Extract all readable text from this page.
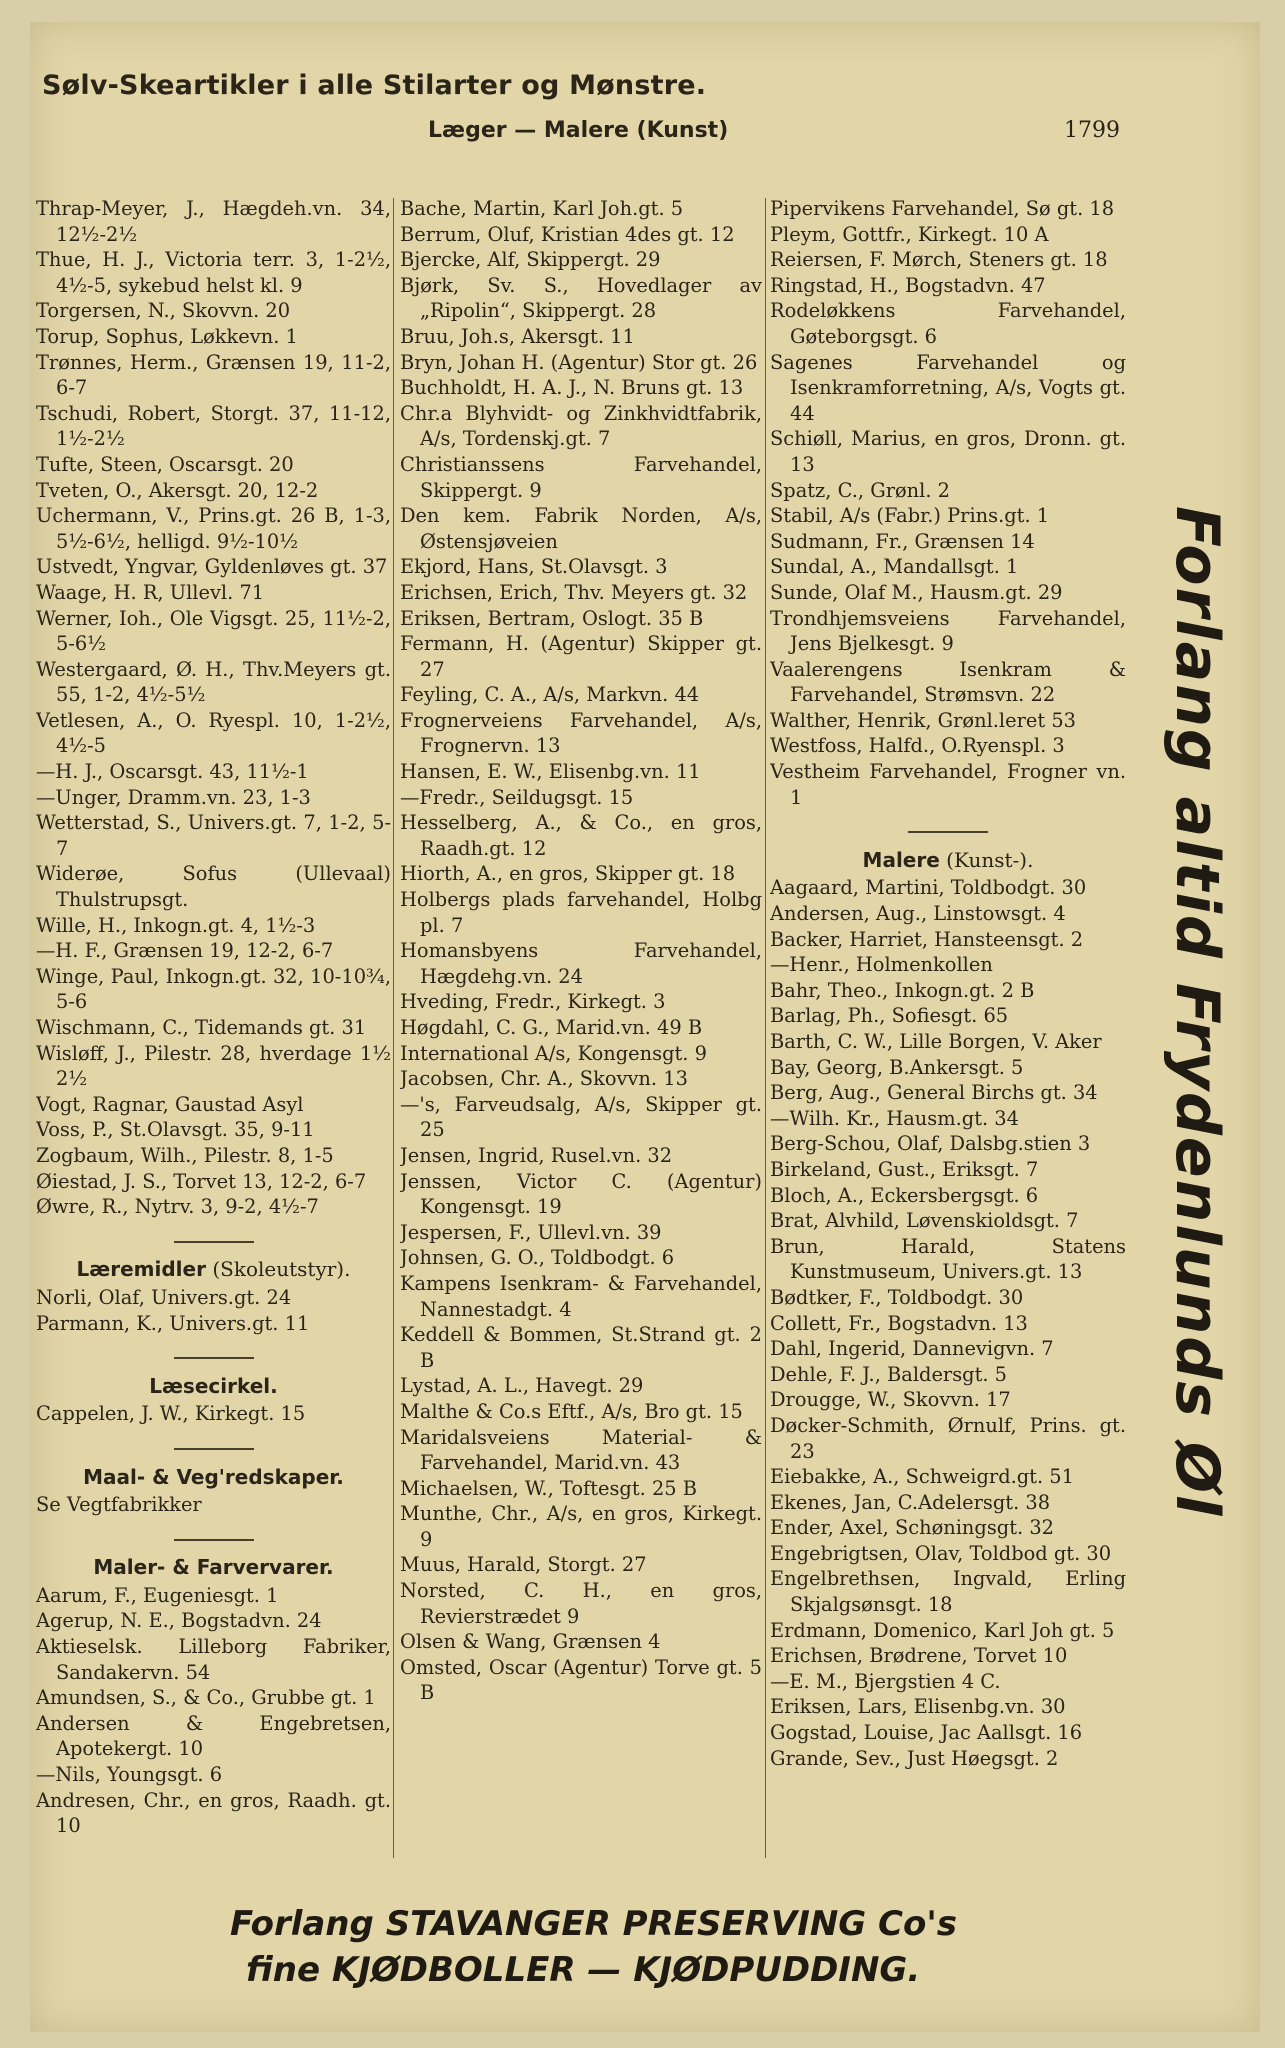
Sølv-Skeartikler i alle Stilarter og Mønstre.
Læger — Malere (Kunst)	1799

Thrap-Meyer, J., Hægdeh.vn. 34, 12½-2½

Thue, H. J., Victoria terr. 3, 1-2½, 4½-5, sykebud helst kl. 9

Torgersen, N., Skovvn. 20

Torup, Sophus, Løkkevn. 1

Trønnes, Herm., Grænsen 19, 11-2, 6-7

Tschudi, Robert, Storgt. 37, 11-12, 1½-2½

Tufte, Steen, Oscarsgt. 20

Tveten, O., Akersgt. 20, 12-2

Uchermann, V., Prins.gt. 26 B, 1-3, 5½-6½, helligd. 9½-10½

Ustvedt, Yngvar, Gyldenløves gt. 37

Waage, H. R, Ullevl. 71

Werner, Ioh., Ole Vigsgt. 25, 11½-2, 5-6½

Westergaard, Ø. H., Thv.Meyers gt. 55, 1-2, 4½-5½

Vetlesen, A., O. Ryespl. 10, 1-2½, 4½-5

—H. J., Oscarsgt. 43, 11½-1

—Unger, Dramm.vn. 23, 1-3

Wetterstad, S., Univers.gt. 7, 1-2, 5-7

Widerøe, Sofus (Ullevaal) Thulstrupsgt.

Wille, H., Inkogn.gt. 4, 1½-3

—H. F., Grænsen 19, 12-2, 6-7

Winge, Paul, Inkogn.gt. 32, 10-10¾, 5-6

Wischmann, C., Tidemands gt. 31

Wisløff, J., Pilestr. 28, hverdage 1½ 2½

Vogt, Ragnar, Gaustad Asyl

Voss, P., St.Olavsgt. 35, 9-11

Zogbaum, Wilh., Pilestr. 8, 1-5

Øiestad, J. S., Torvet 13, 12-2, 6-7

Øwre, R., Nytrv. 3, 9-2, 4½-7

Læremidler (Skoleutstyr).

Norli, Olaf, Univers.gt. 24

Parmann, K., Univers.gt. 11

Læsecirkel.

Cappelen, J. W., Kirkegt. 15

Maal- & Veg'redskaper.

Se Vegtfabrikker

Maler- & Farvervarer.

Aarum, F., Eugeniesgt. 1

Agerup, N. E., Bogstadvn. 24

Aktieselsk. Lilleborg Fabriker, Sandakervn. 54

Amundsen, S., & Co., Grubbe gt. 1

Andersen & Engebretsen, Apotekergt. 10

—Nils, Youngsgt. 6

Andresen, Chr., en gros, Raadh. gt. 10

Bache, Martin, Karl Joh.gt. 5

Berrum, Oluf, Kristian 4des gt. 12

Bjercke, Alf, Skippergt. 29

Bjørk, Sv. S., Hovedlager av „Ripolin“, Skippergt. 28

Bruu, Joh.s, Akersgt. 11

Bryn, Johan H. (Agentur) Stor gt. 26

Buchholdt, H. A. J., N. Bruns gt. 13

Chr.a Blyhvidt- og Zinkhvidtfabrik, A/s, Tordenskj.gt. 7

Christianssens Farvehandel, Skippergt. 9

Den kem. Fabrik Norden, A/s, Østensjøveien

Ekjord, Hans, St.Olavsgt. 3

Erichsen, Erich, Thv. Meyers gt. 32

Eriksen, Bertram, Oslogt. 35 B

Fermann, H. (Agentur) Skipper gt. 27

Feyling, C. A., A/s, Markvn. 44

Frognerveiens Farvehandel, A/s, Frognervn. 13

Hansen, E. W., Elisenbg.vn. 11

—Fredr., Seildugsgt. 15

Hesselberg, A., & Co., en gros, Raadh.gt. 12

Hiorth, A., en gros, Skipper gt. 18

Holbergs plads farvehandel, Holbg pl. 7

Homansbyens Farvehandel, Hægdehg.vn. 24

Hveding, Fredr., Kirkegt. 3

Høgdahl, C. G., Marid.vn. 49 B

International A/s, Kongensgt. 9

Jacobsen, Chr. A., Skovvn. 13

—'s, Farveudsalg, A/s, Skipper gt. 25

Jensen, Ingrid, Rusel.vn. 32

Jenssen, Victor C. (Agentur) Kongensgt. 19

Jespersen, F., Ullevl.vn. 39

Johnsen, G. O., Toldbodgt. 6

Kampens Isenkram- & Farvehandel, Nannestadgt. 4

Keddell & Bommen, St.Strand gt. 2 B

Lystad, A. L., Havegt. 29

Malthe & Co.s Eftf., A/s, Bro gt. 15

Maridalsveiens Material- & Farvehandel, Marid.vn. 43

Michaelsen, W., Toftesgt. 25 B

Munthe, Chr., A/s, en gros, Kirkegt. 9

Muus, Harald, Storgt. 27

Norsted, C. H., en gros, Revierstrædet 9

Olsen & Wang, Grænsen 4

Omsted, Oscar (Agentur) Torve gt. 5 B

Pipervikens Farvehandel, Sø gt. 18

Pleym, Gottfr., Kirkegt. 10 A

Reiersen, F. Mørch, Steners gt. 18

Ringstad, H., Bogstadvn. 47

Rodeløkkens Farvehandel, Gøteborgsgt. 6

Sagenes Farvehandel og Isenkramforretning, A/s, Vogts gt. 44

Schiøll, Marius, en gros, Dronn. gt. 13

Spatz, C., Grønl. 2

Stabil, A/s (Fabr.) Prins.gt. 1

Sudmann, Fr., Grænsen 14

Sundal, A., Mandallsgt. 1

Sunde, Olaf M., Hausm.gt. 29

Trondhjemsveiens Farvehandel, Jens Bjelkesgt. 9

Vaalerengens Isenkram & Farvehandel, Strømsvn. 22

Walther, Henrik, Grønl.leret 53

Westfoss, Halfd., O.Ryenspl. 3

Vestheim Farvehandel, Frogner vn. 1

Malere (Kunst-).

Aagaard, Martini, Toldbodgt. 30

Andersen, Aug., Linstowsgt. 4

Backer, Harriet, Hansteensgt. 2

—Henr., Holmenkollen

Bahr, Theo., Inkogn.gt. 2 B

Barlag, Ph., Sofiesgt. 65

Barth, C. W., Lille Borgen, V. Aker

Bay, Georg, B.Ankersgt. 5

Berg, Aug., General Birchs gt. 34

—Wilh. Kr., Hausm.gt. 34

Berg-Schou, Olaf, Dalsbg.stien 3

Birkeland, Gust., Eriksgt. 7

Bloch, A., Eckersbergsgt. 6

Brat, Alvhild, Løvenskioldsgt. 7

Brun, Harald, Statens Kunstmuseum, Univers.gt. 13

Bødtker, F., Toldbodgt. 30

Collett, Fr., Bogstadvn. 13

Dahl, Ingerid, Dannevigvn. 7

Dehle, F. J., Baldersgt. 5

Drougge, W., Skovvn. 17

Døcker-Schmith, Ørnulf, Prins. gt. 23

Eiebakke, A., Schweigrd.gt. 51

Ekenes, Jan, C.Adelersgt. 38

Ender, Axel, Schøningsgt. 32

Engebrigtsen, Olav, Toldbod gt. 30

Engelbrethsen, Ingvald, Erling Skjalgsønsgt. 18

Erdmann, Domenico, Karl Joh gt. 5

Erichsen, Brødrene, Torvet 10

—E. M., Bjergstien 4 C.

Eriksen, Lars, Elisenbg.vn. 30

Gogstad, Louise, Jac Aallsgt. 16

Grande, Sev., Just Høegsgt. 2

Forlang altid Frydenlunds Øl
Forlang STAVANGER PRESERVING Co's
fine KJØDBOLLER — KJØDPUDDING.
